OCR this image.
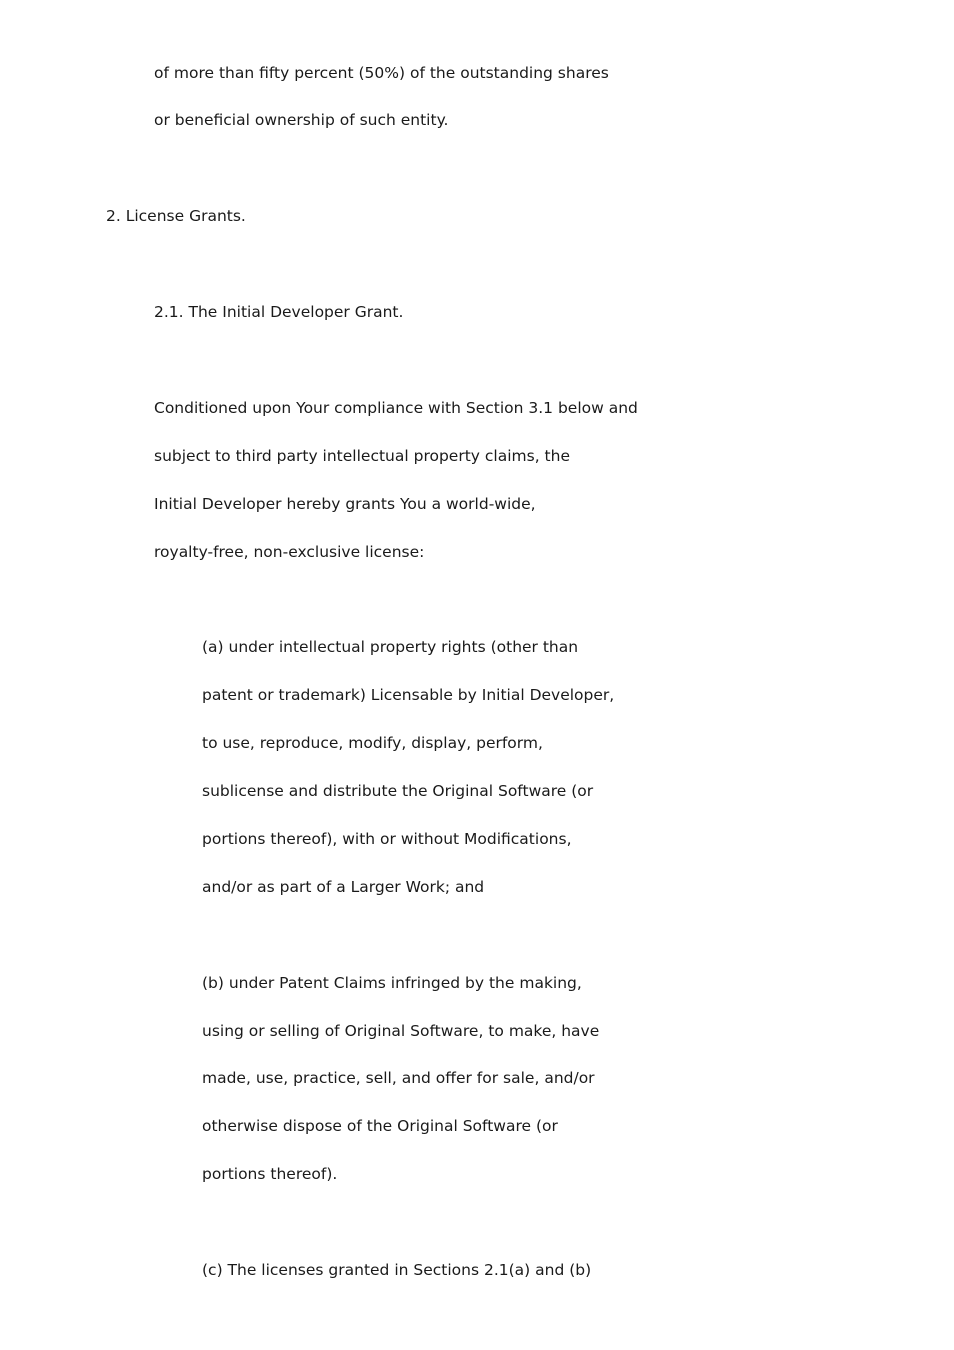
of more than fifty percent (50%) of the outstanding shares

or beneficial ownership of such entity.

2. License Grants.

2.1. The Initial Developer Grant.

Conditioned upon Your compliance with Section 3.1 below and

subject to third party intellectual property claims, the

Initial Developer hereby grants You a world-wide,

royalty-free, non-exclusive license:

(a) under intellectual property rights (other than

patent or trademark) Licensable by Initial Developer,

to use, reproduce, modify, display, perform,

sublicense and distribute the Original Software (or

portions thereof), with or without Modifications,

and/or as part of a Larger Work; and

(b) under Patent Claims infringed by the making,

using or selling of Original Software, to make, have

made, use, practice, sell, and offer for sale, and/or

otherwise dispose of the Original Software (or

portions thereof).

(c) The licenses granted in Sections 2.1(a) and (b)
